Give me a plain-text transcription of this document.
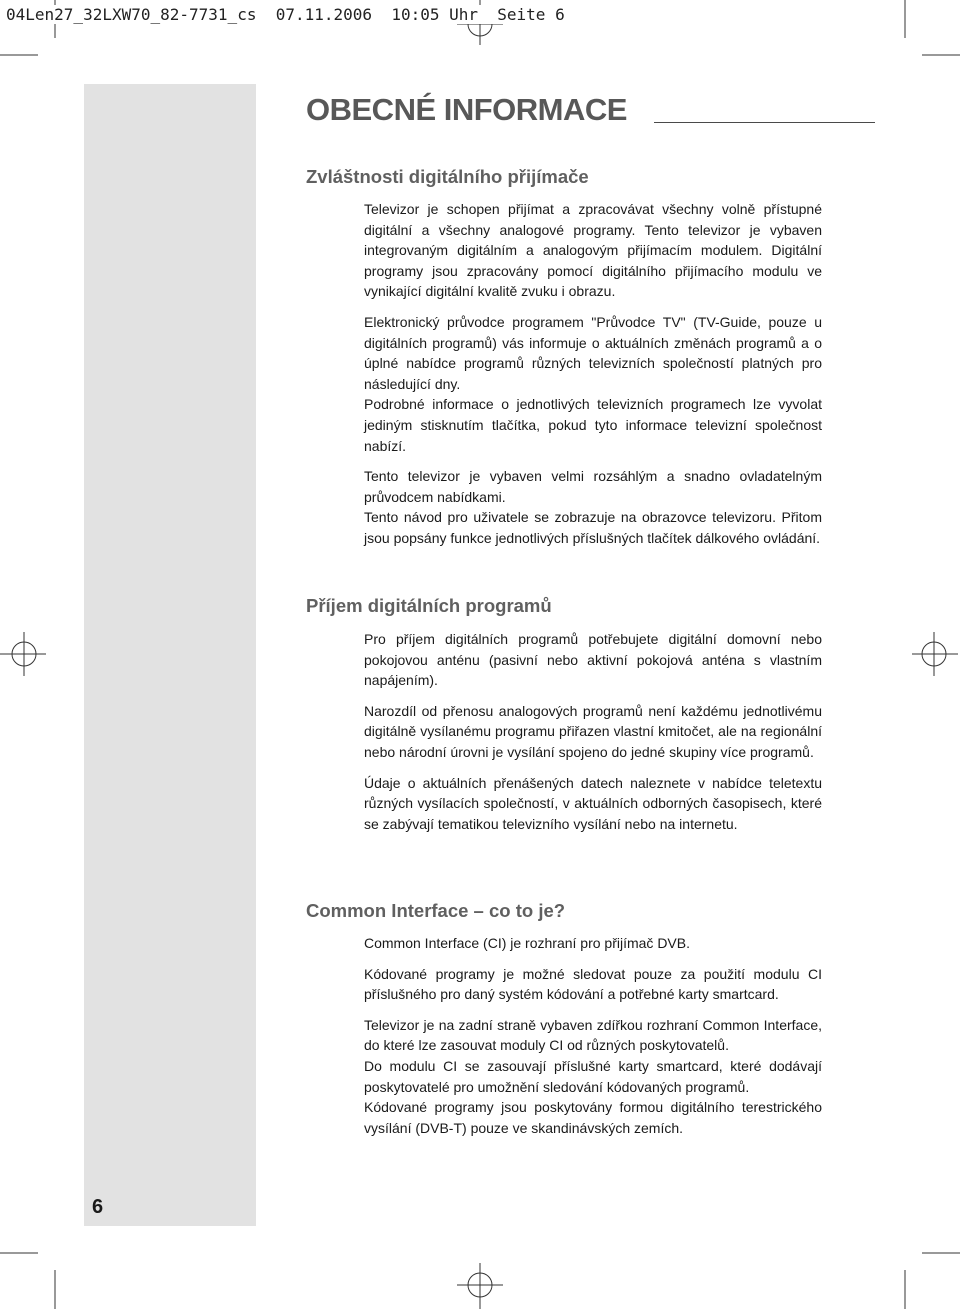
04Len27_32LXW70_82-7731_cs  07.11.2006  10:05 Uhr  Seite 6
OBECNÉ INFORMACE
Zvláštnosti digitálního přijímače

Televizor je schopen přijímat a zpracovávat všechny volně přístupné digitální a všechny analogové programy. Tento televizor je vybaven integrovaným digitálním a analogovým přijímacím modulem. Digitální programy jsou zpracovány pomocí digitálního přijímacího modulu ve vynikající digitální kvalitě zvuku i obrazu.

Elektronický průvodce programem "Průvodce TV" (TV-Guide, pouze u digitálních programů) vás informuje o aktuálních změnách programů a o úplné nabídce programů různých televizních společností platných pro následující dny.

Podrobné informace o jednotlivých televizních programech lze vyvolat jediným stisknutím tlačítka, pokud tyto informace televizní společnost nabízí.

Tento televizor je vybaven velmi rozsáhlým a snadno ovladatelným průvodcem nabídkami.

Tento návod pro uživatele se zobrazuje na obrazovce televizoru. Přitom jsou popsány funkce jednotlivých příslušných tlačítek dálkového ovládání.

Příjem digitálních programů

Pro příjem digitálních programů potřebujete digitální domovní nebo pokojovou anténu (pasivní nebo aktivní pokojová anténa s vlastním napájením).

Narozdíl od přenosu analogových programů není každému jednotlivému digitálně vysílanému programu přiřazen vlastní kmitočet, ale na regionální nebo národní úrovni je vysílání spojeno do jedné skupiny více programů.

Údaje o aktuálních přenášených datech naleznete v nabídce teletextu různých vysílacích společností, v aktuálních odborných časopisech, které se zabývají tematikou televizního vysílání nebo na internetu.

Common Interface – co to je?

Common Interface (CI) je rozhraní pro přijímač DVB.

Kódované programy je možné sledovat pouze za použití modulu CI příslušného pro daný systém kódování a potřebné karty smartcard.

Televizor je na zadní straně vybaven zdířkou rozhraní Common Interface, do které lze zasouvat moduly CI od různých poskytovatelů.

Do modulu CI se zasouvají příslušné karty smartcard, které dodávají poskytovatelé pro umožnění sledování kódovaných programů.

Kódované programy jsou poskytovány formou digitálního terestrického vysílání (DVB-T) pouze ve skandinávských zemích.

6
